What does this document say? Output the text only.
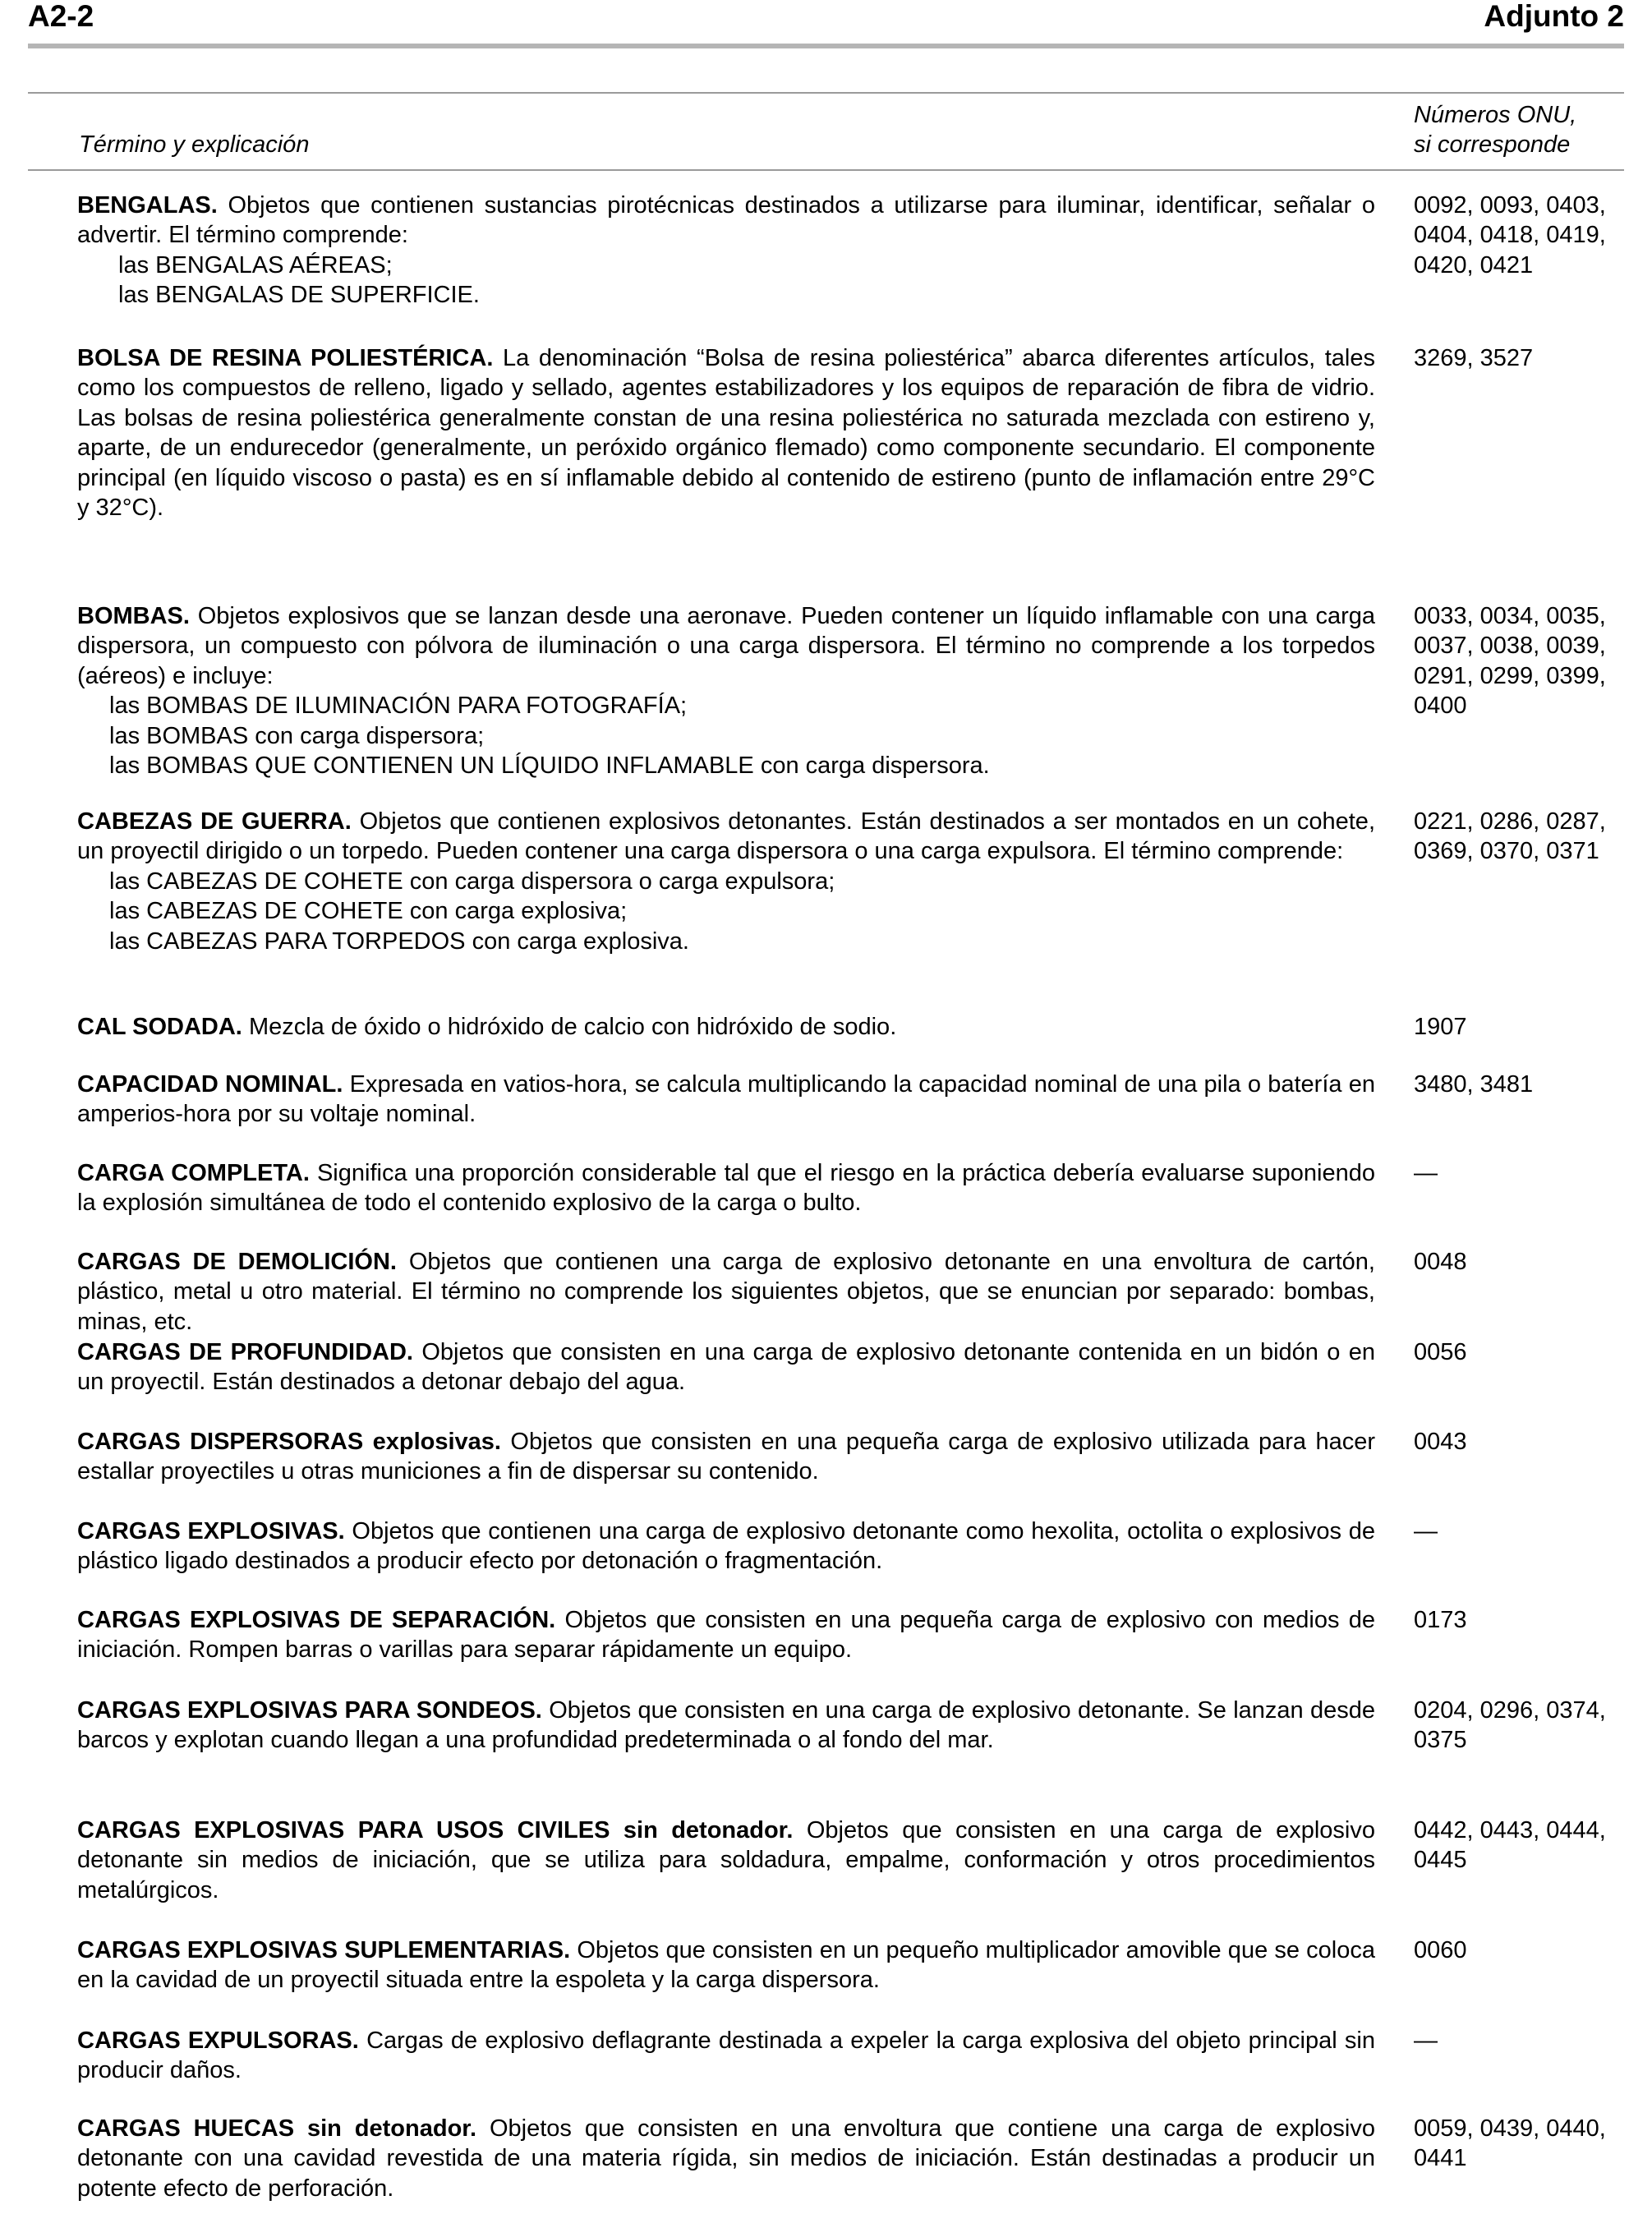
A2-2	Adjunto 2
Término y explicación
Números ONU,
si corresponde
BENGALAS. Objetos que contienen sustancias pirotécnicas destinados a utilizarse para iluminar, identificar, señalar o advertir. El término comprende:
las BENGALAS AÉREAS;
las BENGALAS DE SUPERFICIE.
0092, 0093, 0403,
0404, 0418, 0419,
0420, 0421
BOLSA DE RESINA POLIESTÉRICA. La denominación “Bolsa de resina poliestérica” abarca diferentes artículos, tales como los compuestos de relleno, ligado y sellado, agentes estabilizadores y los equipos de reparación de fibra de vidrio. Las bolsas de resina poliestérica generalmente constan de una resina poliestérica no saturada mezclada con estireno y, aparte, de un endurecedor (generalmente, un peróxido orgánico flemado) como componente secundario. El componente principal (en líquido viscoso o pasta) es en sí inflamable debido al contenido de estireno (punto de inflamación entre 29°C y 32°C).
3269, 3527
BOMBAS. Objetos explosivos que se lanzan desde una aeronave. Pueden contener un líquido inflamable con una carga dispersora, un compuesto con pólvora de iluminación o una carga dispersora. El término no comprende a los torpedos (aéreos) e incluye:
las BOMBAS DE ILUMINACIÓN PARA FOTOGRAFÍA;
las BOMBAS con carga dispersora;
las BOMBAS QUE CONTIENEN UN LÍQUIDO INFLAMABLE con carga dispersora.
0033, 0034, 0035,
0037, 0038, 0039,
0291, 0299, 0399,
0400
CABEZAS DE GUERRA. Objetos que contienen explosivos detonantes. Están destinados a ser montados en un cohete, un proyectil dirigido o un torpedo. Pueden contener una carga dispersora o una carga expulsora. El término comprende:
las CABEZAS DE COHETE con carga dispersora o carga expulsora;
las CABEZAS DE COHETE con carga explosiva;
las CABEZAS PARA TORPEDOS con carga explosiva.
0221, 0286, 0287,
0369, 0370, 0371
CAL SODADA. Mezcla de óxido o hidróxido de calcio con hidróxido de sodio.	1907
CAPACIDAD NOMINAL. Expresada en vatios-hora, se calcula multiplicando la capacidad nominal de una pila o batería en amperios-hora por su voltaje nominal.
3480, 3481
CARGA COMPLETA. Significa una proporción considerable tal que el riesgo en la práctica debería evaluarse suponiendo la explosión simultánea de todo el contenido explosivo de la carga o bulto.
—
CARGAS DE DEMOLICIÓN. Objetos que contienen una carga de explosivo detonante en una envoltura de cartón, plástico, metal u otro material. El término no comprende los siguientes objetos, que se enuncian por separado: bombas, minas, etc.
0048
CARGAS DE PROFUNDIDAD. Objetos que consisten en una carga de explosivo detonante contenida en un bidón o en un proyectil. Están destinados a detonar debajo del agua.
0056
CARGAS DISPERSORAS explosivas. Objetos que consisten en una pequeña carga de explosivo utilizada para hacer estallar proyectiles u otras municiones a fin de dispersar su contenido.
0043
CARGAS EXPLOSIVAS. Objetos que contienen una carga de explosivo detonante como hexolita, octolita o explosivos de plástico ligado destinados a producir efecto por detonación o fragmentación.
—
CARGAS EXPLOSIVAS DE SEPARACIÓN. Objetos que consisten en una pequeña carga de explosivo con medios de iniciación. Rompen barras o varillas para separar rápidamente un equipo.
0173
CARGAS EXPLOSIVAS PARA SONDEOS. Objetos que consisten en una carga de explosivo detonante. Se lanzan desde barcos y explotan cuando llegan a una profundidad predeterminada o al fondo del mar.
0204, 0296, 0374,
0375
CARGAS EXPLOSIVAS PARA USOS CIVILES sin detonador. Objetos que consisten en una carga de explosivo detonante sin medios de iniciación, que se utiliza para soldadura, empalme, conformación y otros procedimientos metalúrgicos.
0442, 0443, 0444,
0445
CARGAS EXPLOSIVAS SUPLEMENTARIAS. Objetos que consisten en un pequeño multiplicador amovible que se coloca en la cavidad de un proyectil situada entre la espoleta y la carga dispersora.
0060
CARGAS EXPULSORAS. Cargas de explosivo deflagrante destinada a expeler la carga explosiva del objeto principal sin producir daños.
—
CARGAS HUECAS sin detonador. Objetos que consisten en una envoltura que contiene una carga de explosivo detonante con una cavidad revestida de una materia rígida, sin medios de iniciación. Están destinadas a producir un potente efecto de perforación.
0059, 0439, 0440,
0441
